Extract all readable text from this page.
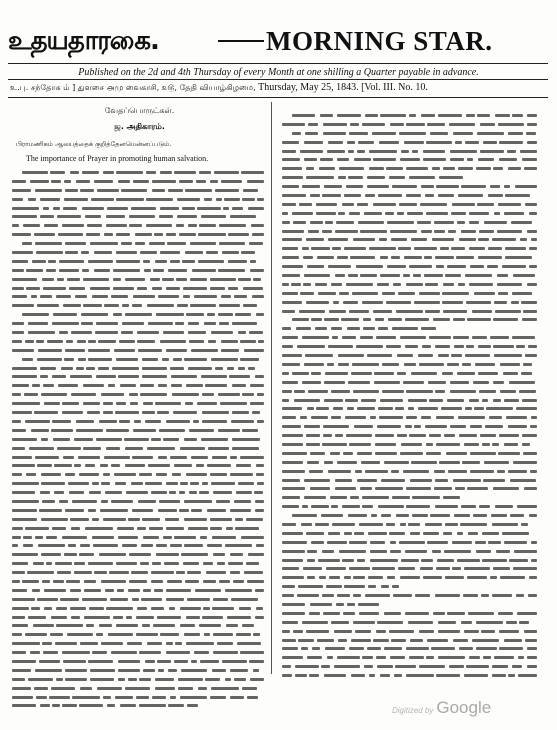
உதயதாரகை.	MORNING STAR.
Published on the 2d and 4th Thursday of every Month at one shilling a Quarter payable in advance.
உ.பு. சந்தோக ம் ] துளசை ௮மு வைகாசி, ௨௫, தேதி வியாழ்கிழமை, Thursday, May 25, 1843. [Vol. III. No. 10.
வேதப்பொருட்கள்.
ஜ. அதிகாரம்.
பிராமணிகம் ஆலயத்தைக் குறித்தேனமென்னப்படும்.
The importance of Prayer in promoting human salvation.
Digitized by Google
